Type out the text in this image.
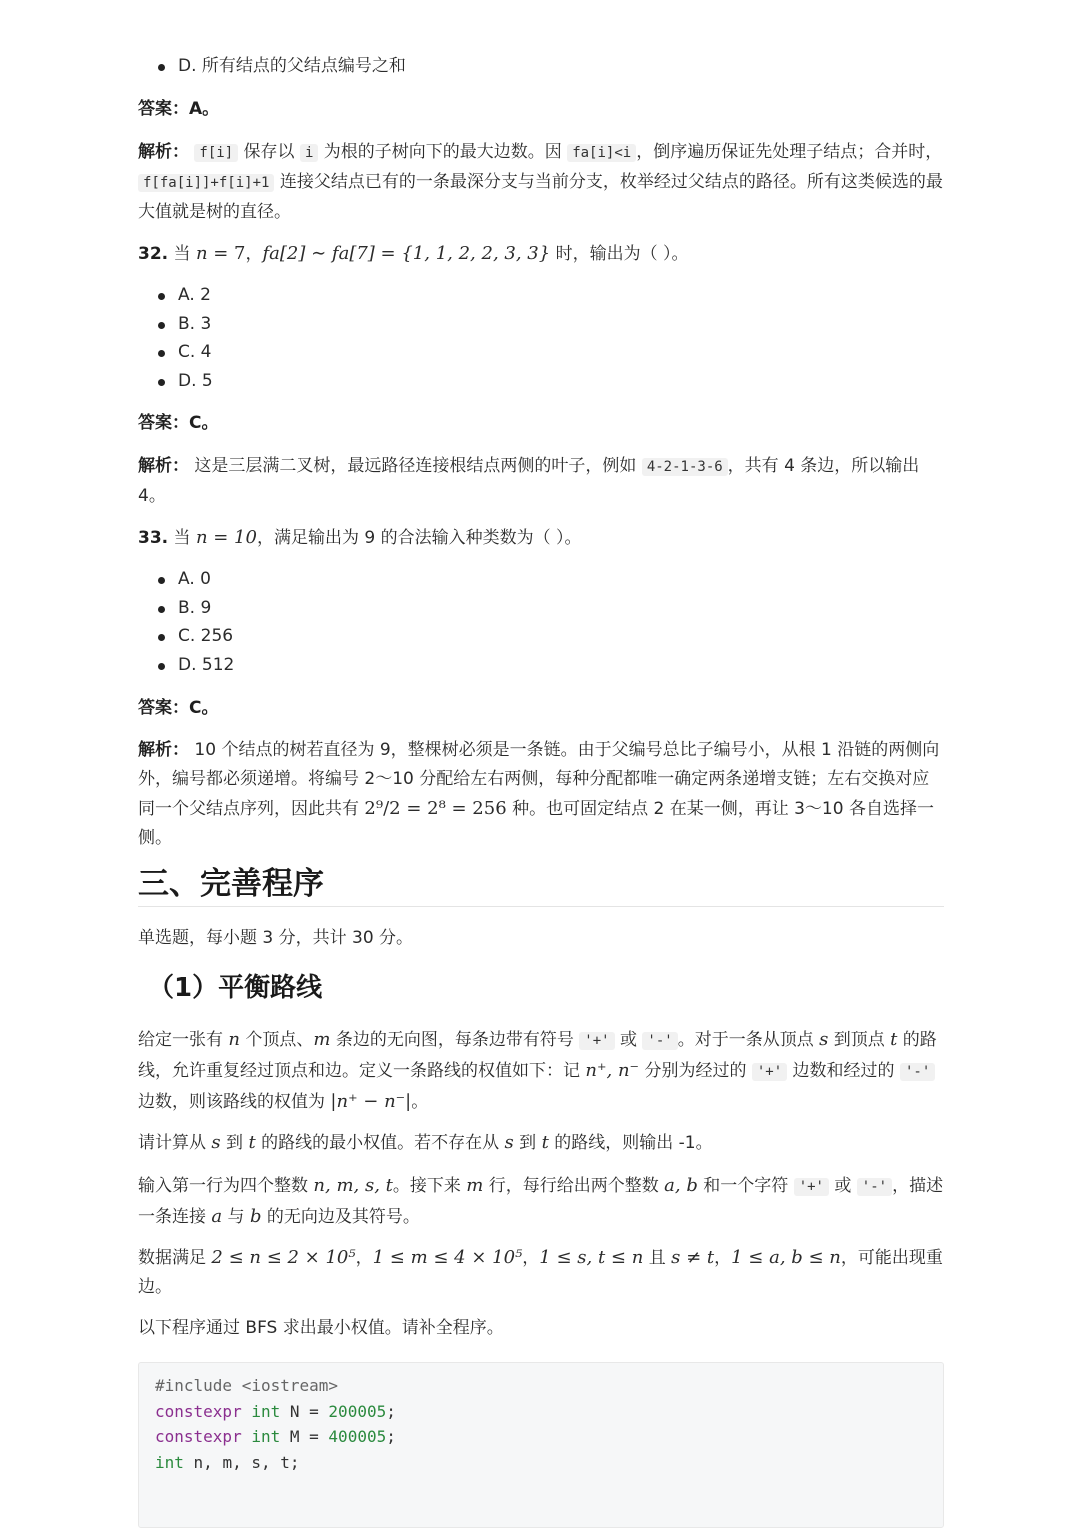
D. 所有结点的父结点编号之和
答案：A。
解析： f[i] 保存以 i 为根的子树向下的最大边数。因 fa[i]<i ，倒序遍历保证先处理子结点；合并时，f[fa[i]]+f[i]+1 连接父结点已有的一条最深分支与当前分支，枚举经过父结点的路径。所有这类候选的最大值就是树的直径。
32. 当 n = 7，fa[2] ∼ fa[7] = {1, 1, 2, 2, 3, 3} 时，输出为（ ）。
A. 2
B. 3
C. 4
D. 5
答案：C。
解析： 这是三层满二叉树，最远路径连接根结点两侧的叶子，例如 4-2-1-3-6 ，共有 4 条边，所以输出 4。
33. 当 n = 10，满足输出为 9 的合法输入种类数为（ ）。
A. 0
B. 9
C. 256
D. 512
答案：C。
解析： 10 个结点的树若直径为 9，整棵树必须是一条链。由于父编号总比子编号小，从根 1 沿链的两侧向外，编号都必须递增。将编号 2～10 分配给左右两侧，每种分配都唯一确定两条递增支链；左右交换对应同一个父结点序列，因此共有 2⁹/2 = 2⁸ = 256 种。也可固定结点 2 在某一侧，再让 3～10 各自选择一侧。
三、完善程序
单选题，每小题 3 分，共计 30 分。
（1）平衡路线
给定一张有 n 个顶点、m 条边的无向图，每条边带有符号 '+' 或 '-' 。对于一条从顶点 s 到顶点 t 的路线，允许重复经过顶点和边。定义一条路线的权值如下：记 n⁺, n⁻ 分别为经过的 '+' 边数和经过的 '-' 边数，则该路线的权值为 |n⁺ − n⁻|。
请计算从 s 到 t 的路线的最小权值。若不存在从 s 到 t 的路线，则输出 -1。
输入第一行为四个整数 n, m, s, t。接下来 m 行，每行给出两个整数 a, b 和一个字符 '+' 或 '-' ，描述一条连接 a 与 b 的无向边及其符号。
数据满足 2 ≤ n ≤ 2 × 10⁵，1 ≤ m ≤ 4 × 10⁵，1 ≤ s, t ≤ n 且 s ≠ t，1 ≤ a, b ≤ n，可能出现重边。
以下程序通过 BFS 求出最小权值。请补全程序。
#include <iostream>
constexpr int N = 200005;
constexpr int M = 400005;
int n, m, s, t;
